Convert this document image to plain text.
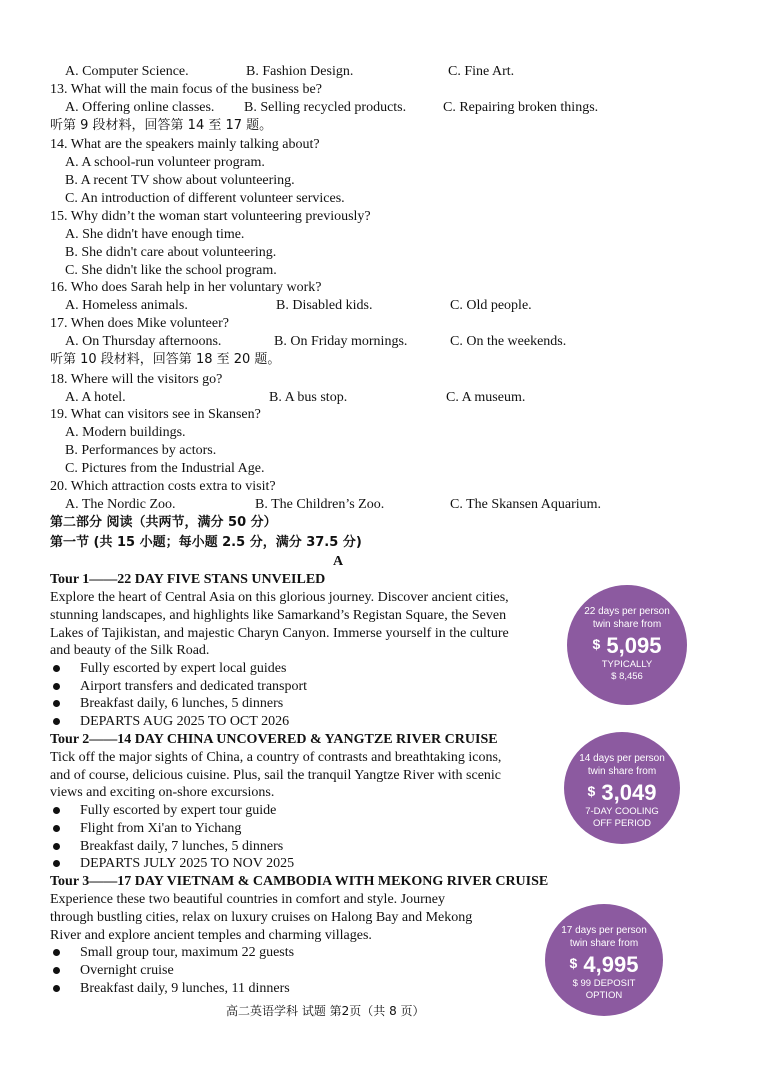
A. Computer Science.	B. Fashion Design.	C. Fine Art.
13. What will the main focus of the business be?
A. Offering online classes. B. Selling recycled products.	C. Repairing broken things.
听第 9 段材料，回答第 14 至 17 题。
14. What are the speakers mainly talking about?
A. A school-run volunteer program.
B. A recent TV show about volunteering.
C. An introduction of different volunteer services.
15. Why didn’t the woman start volunteering previously?
A. She didn't have enough time.
B. She didn't care about volunteering.
C. She didn't like the school program.
16. Who does Sarah help in her voluntary work?
A. Homeless animals.	B. Disabled kids.	C. Old people.
17. When does Mike volunteer?
A. On Thursday afternoons.	B. On Friday mornings.	C. On the weekends.
听第 10 段材料，回答第 18 至 20 题。
18. Where will the visitors go?
A. A hotel.	B. A bus stop.	C. A museum.
19. What can visitors see in Skansen?
A. Modern buildings.
B. Performances by actors.
C. Pictures from the Industrial Age.
20. Which attraction costs extra to visit?
A. The Nordic Zoo.	B. The Children’s Zoo.	C. The Skansen Aquarium.
第二部分 阅读（共两节，满分 50 分）
第一节 (共 15 小题；每小题 2.5 分，满分 37.5 分)
A
Tour 1——22 DAY FIVE STANS UNVEILED
Explore the heart of Central Asia on this glorious journey. Discover ancient cities,
stunning landscapes, and highlights like Samarkand’s Registan Square, the Seven
Lakes of Tajikistan, and majestic Charyn Canyon. Immerse yourself in the culture
and beauty of the Silk Road.
Fully escorted by expert local guides
Airport transfers and dedicated transport
Breakfast daily, 6 lunches, 5 dinners
DEPARTS AUG 2025 TO OCT 2026
22 days per person
twin share from
$ 5,095
TYPICALLY
$ 8,456
Tour 2——14 DAY CHINA UNCOVERED & YANGTZE RIVER CRUISE
Tick off the major sights of China, a country of contrasts and breathtaking icons,
and of course, delicious cuisine. Plus, sail the tranquil Yangtze River with scenic
views and exciting on-shore excursions.
Fully escorted by expert tour guide
Flight from Xi'an to Yichang
Breakfast daily, 7 lunches, 5 dinners
DEPARTS JULY 2025 TO NOV 2025
14 days per person
twin share from
$ 3,049
7-DAY COOLING
OFF PERIOD
Tour 3——17 DAY VIETNAM & CAMBODIA WITH MEKONG RIVER CRUISE
Experience these two beautiful countries in comfort and style. Journey
through bustling cities, relax on luxury cruises on Halong Bay and Mekong
River and explore ancient temples and charming villages.
Small group tour, maximum 22 guests
Overnight cruise
Breakfast daily, 9 lunches, 11 dinners
17 days per person
twin share from
$ 4,995
$ 99 DEPOSIT
OPTION
高二英语学科 试题 第2页（共 8 页）
